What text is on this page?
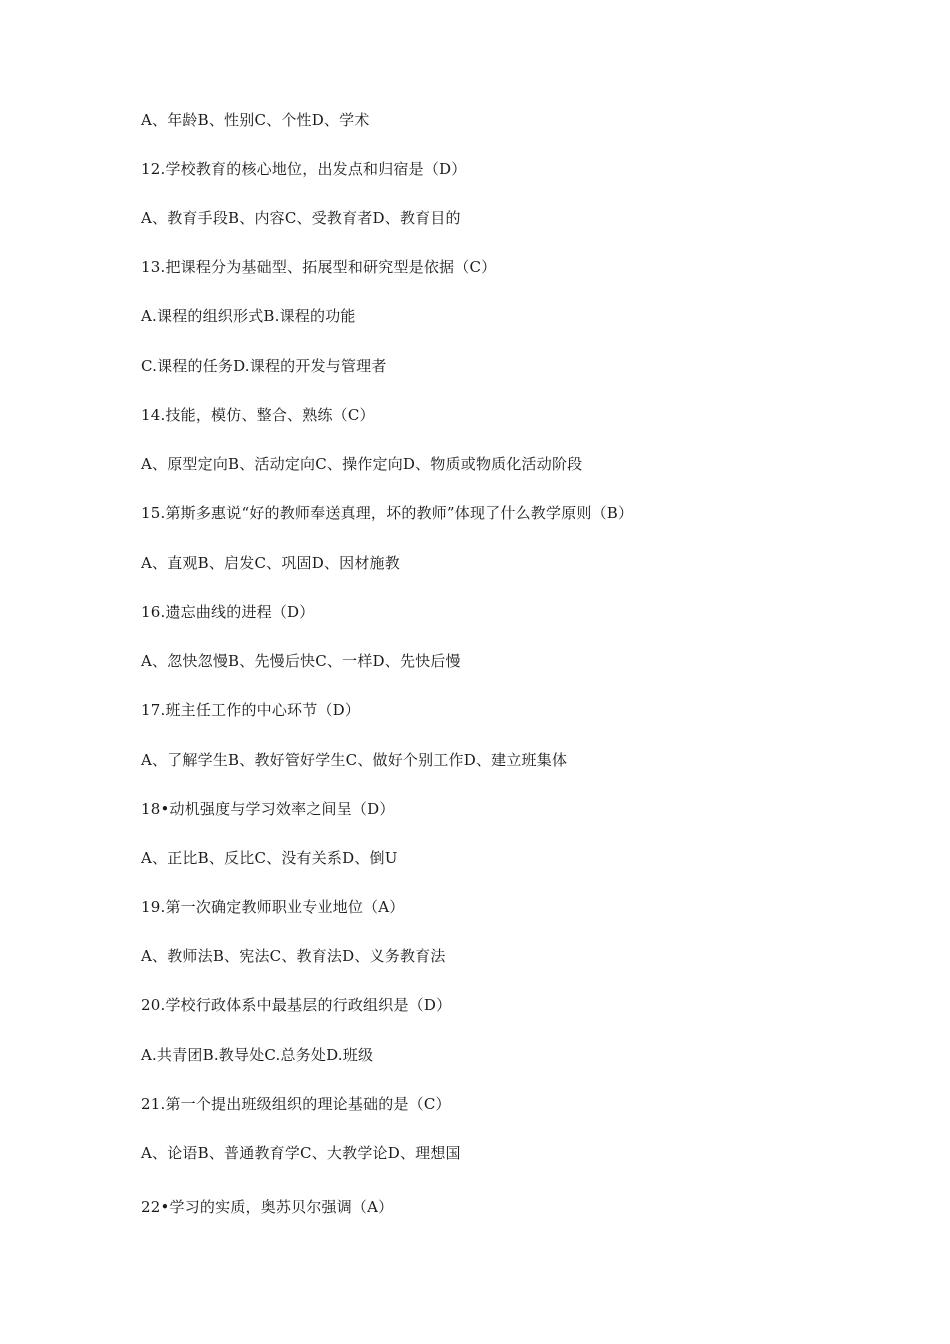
A、年龄B、性别C、个性D、学术
12.学校教育的核心地位，出发点和归宿是（D）
A、教育手段B、内容C、受教育者D、教育目的
13.把课程分为基础型、拓展型和研究型是依据（C）
A.课程的组织形式B.课程的功能
C.课程的任务D.课程的开发与管理者
14.技能，模仿、整合、熟练（C）
A、原型定向B、活动定向C、操作定向D、物质或物质化活动阶段
15.第斯多惠说“好的教师奉送真理，坏的教师”体现了什么教学原则（B）
A、直观B、启发C、巩固D、因材施教
16.遗忘曲线的进程（D）
A、忽快忽慢B、先慢后快C、一样D、先快后慢
17.班主任工作的中心环节（D）
A、了解学生B、教好管好学生C、做好个别工作D、建立班集体
18•动机强度与学习效率之间呈（D）
A、正比B、反比C、没有关系D、倒U
19.第一次确定教师职业专业地位（A）
A、教师法B、宪法C、教育法D、义务教育法
20.学校行政体系中最基层的行政组织是（D）
A.共青团B.教导处C.总务处D.班级
21.第一个提出班级组织的理论基础的是（C）
A、论语B、普通教育学C、大教学论D、理想国
22•学习的实质，奥苏贝尔强调（A）
